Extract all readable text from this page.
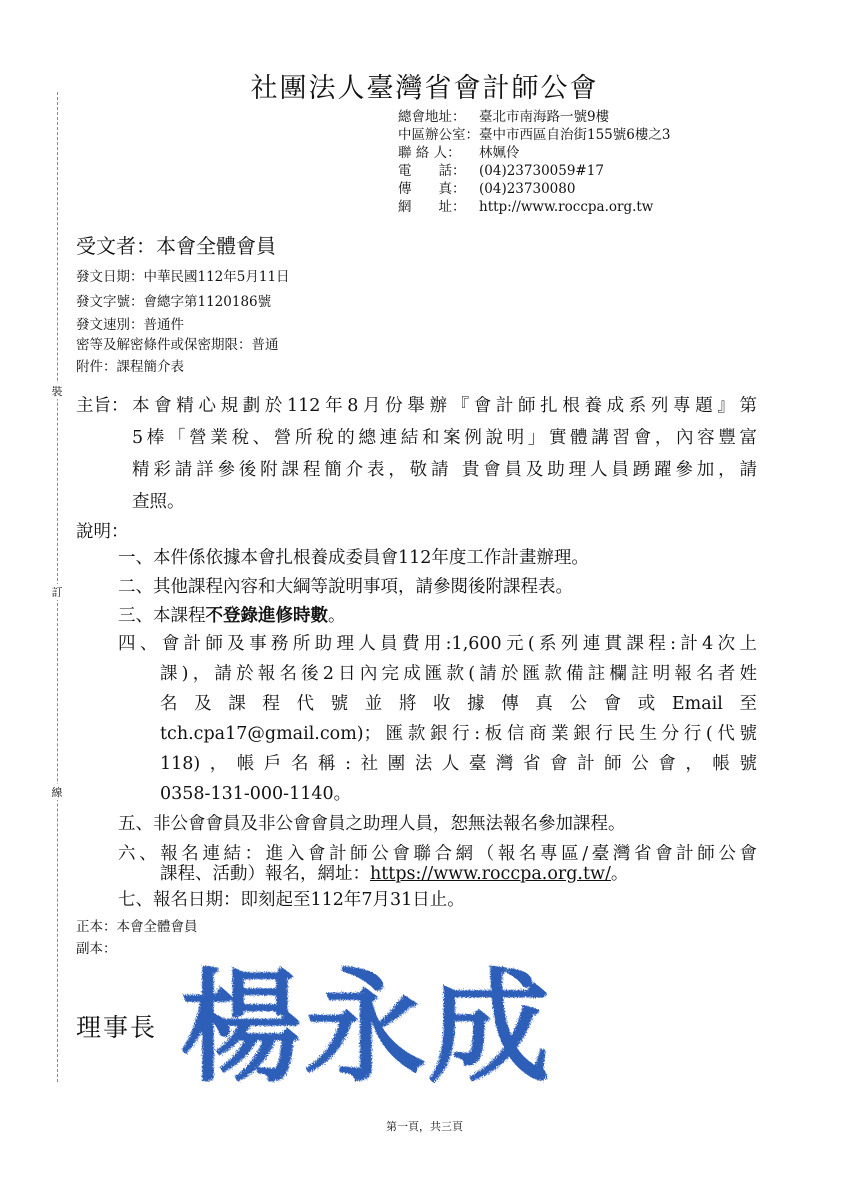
裝
訂
線
社團法人臺灣省會計師公會
總會地址：	臺北市南海路一號9樓
中區辦公室：	臺中市西區自治街155號6樓之3
聯 絡 人：	林姵伶
電　　話：	(04)23730059#17
傳　　真：	(04)23730080
網　　址：	http://www.roccpa.org.tw
受文者：本會全體會員
發文日期：中華民國112年5月11日
發文字號：會總字第1120186號
發文速別：普通件
密等及解密條件或保密期限：普通
附件：課程簡介表
主旨： 本會精心規劃於112年8月份舉辦『會計師扎根養成系列專題』第
5棒「營業稅、營所稅的總連結和案例說明」實體講習會，內容豐富
精彩請詳參後附課程簡介表，敬請 貴會員及助理人員踴躍參加，請
查照。
說明：
一、本件係依據本會扎根養成委員會112年度工作計畫辦理。
二、其他課程內容和大綱等說明事項，請參閱後附課程表。
三、本課程不登錄進修時數。
四、會計師及事務所助理人員費用:1,600元(系列連貫課程:計4次上
課)，請於報名後2日內完成匯款(請於匯款備註欄註明報名者姓
名及課程代號並將收據傳真公會或Email至
tch.cpa17@gmail.com)；匯款銀行:板信商業銀行民生分行(代號
118)，帳戶名稱:社團法人臺灣省會計師公會，帳號
0358-131-000-1140。
五、非公會會員及非公會會員之助理人員，恕無法報名參加課程。
六、報名連結：進入會計師公會聯合網（報名專區/臺灣省會計師公會
課程、活動）報名，網址：https://www.roccpa.org.tw/。
七、報名日期：即刻起至112年7月31日止。
正本：本會全體會員
副本：
理事長 楊永成
第一頁，共三頁
